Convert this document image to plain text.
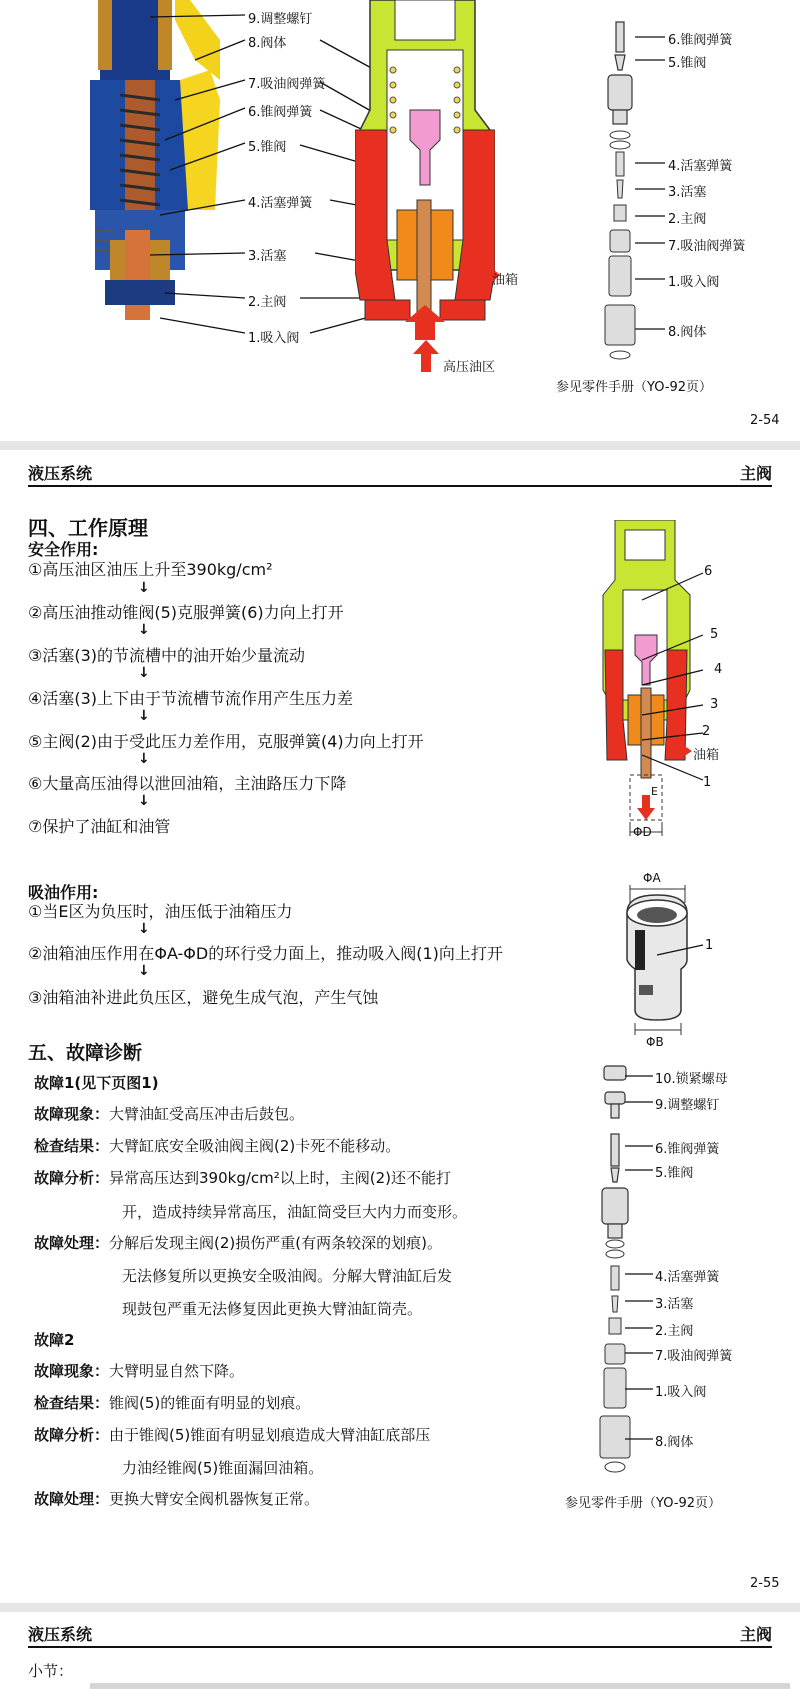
9.调整螺钉
8.阀体
7.吸油阀弹簧
6.锥阀弹簧
5.锥阀
4.活塞弹簧
3.活塞
2.主阀
1.吸入阀
油箱
高压油区
6.锥阀弹簧
5.锥阀
4.活塞弹簧
3.活塞
2.主阀
7.吸油阀弹簧
1.吸入阀
8.阀体
参见零件手册（YO-92页）
2-54
液压系统	主阀
四、工作原理
安全作用:
①高压油区油压上升至390kg/cm²
↓
②高压油推动锥阀(5)克服弹簧(6)力向上打开
↓
③活塞(3)的节流槽中的油开始少量流动
↓
④活塞(3)上下由于节流槽节流作用产生压力差
↓
⑤主阀(2)由于受此压力差作用，克服弹簧(4)力向上打开
↓
⑥大量高压油得以泄回油箱，主油路压力下降
↓
⑦保护了油缸和油管
6
5
4
3
2
油箱
1
E
ΦD
吸油作用:
①当E区为负压时，油压低于油箱压力
↓
②油箱油压作用在ΦA-ΦD的环行受力面上，推动吸入阀(1)向上打开
↓
③油箱油补进此负压区，避免生成气泡，产生气蚀
ΦA
ΦB
1
五、故障诊断
故障1(见下页图1)
故障现象：大臂油缸受高压冲击后鼓包。
检查结果：大臂缸底安全吸油阀主阀(2)卡死不能移动。
故障分析：异常高压达到390kg/cm²以上时，主阀(2)还不能打
开，造成持续异常高压，油缸筒受巨大内力而变形。
故障处理：分解后发现主阀(2)损伤严重(有两条较深的划痕)。
无法修复所以更换安全吸油阀。分解大臂油缸后发
现鼓包严重无法修复因此更换大臂油缸筒壳。
故障2
故障现象：大臂明显自然下降。
检查结果：锥阀(5)的锥面有明显的划痕。
故障分析：由于锥阀(5)锥面有明显划痕造成大臂油缸底部压
力油经锥阀(5)锥面漏回油箱。
故障处理：更换大臂安全阀机器恢复正常。
10.锁紧螺母
9.调整螺钉
6.锥阀弹簧
5.锥阀
4.活塞弹簧
3.活塞
2.主阀
7.吸油阀弹簧
1.吸入阀
8.阀体
参见零件手册（YO-92页）
2-55
液压系统	主阀
小节：
